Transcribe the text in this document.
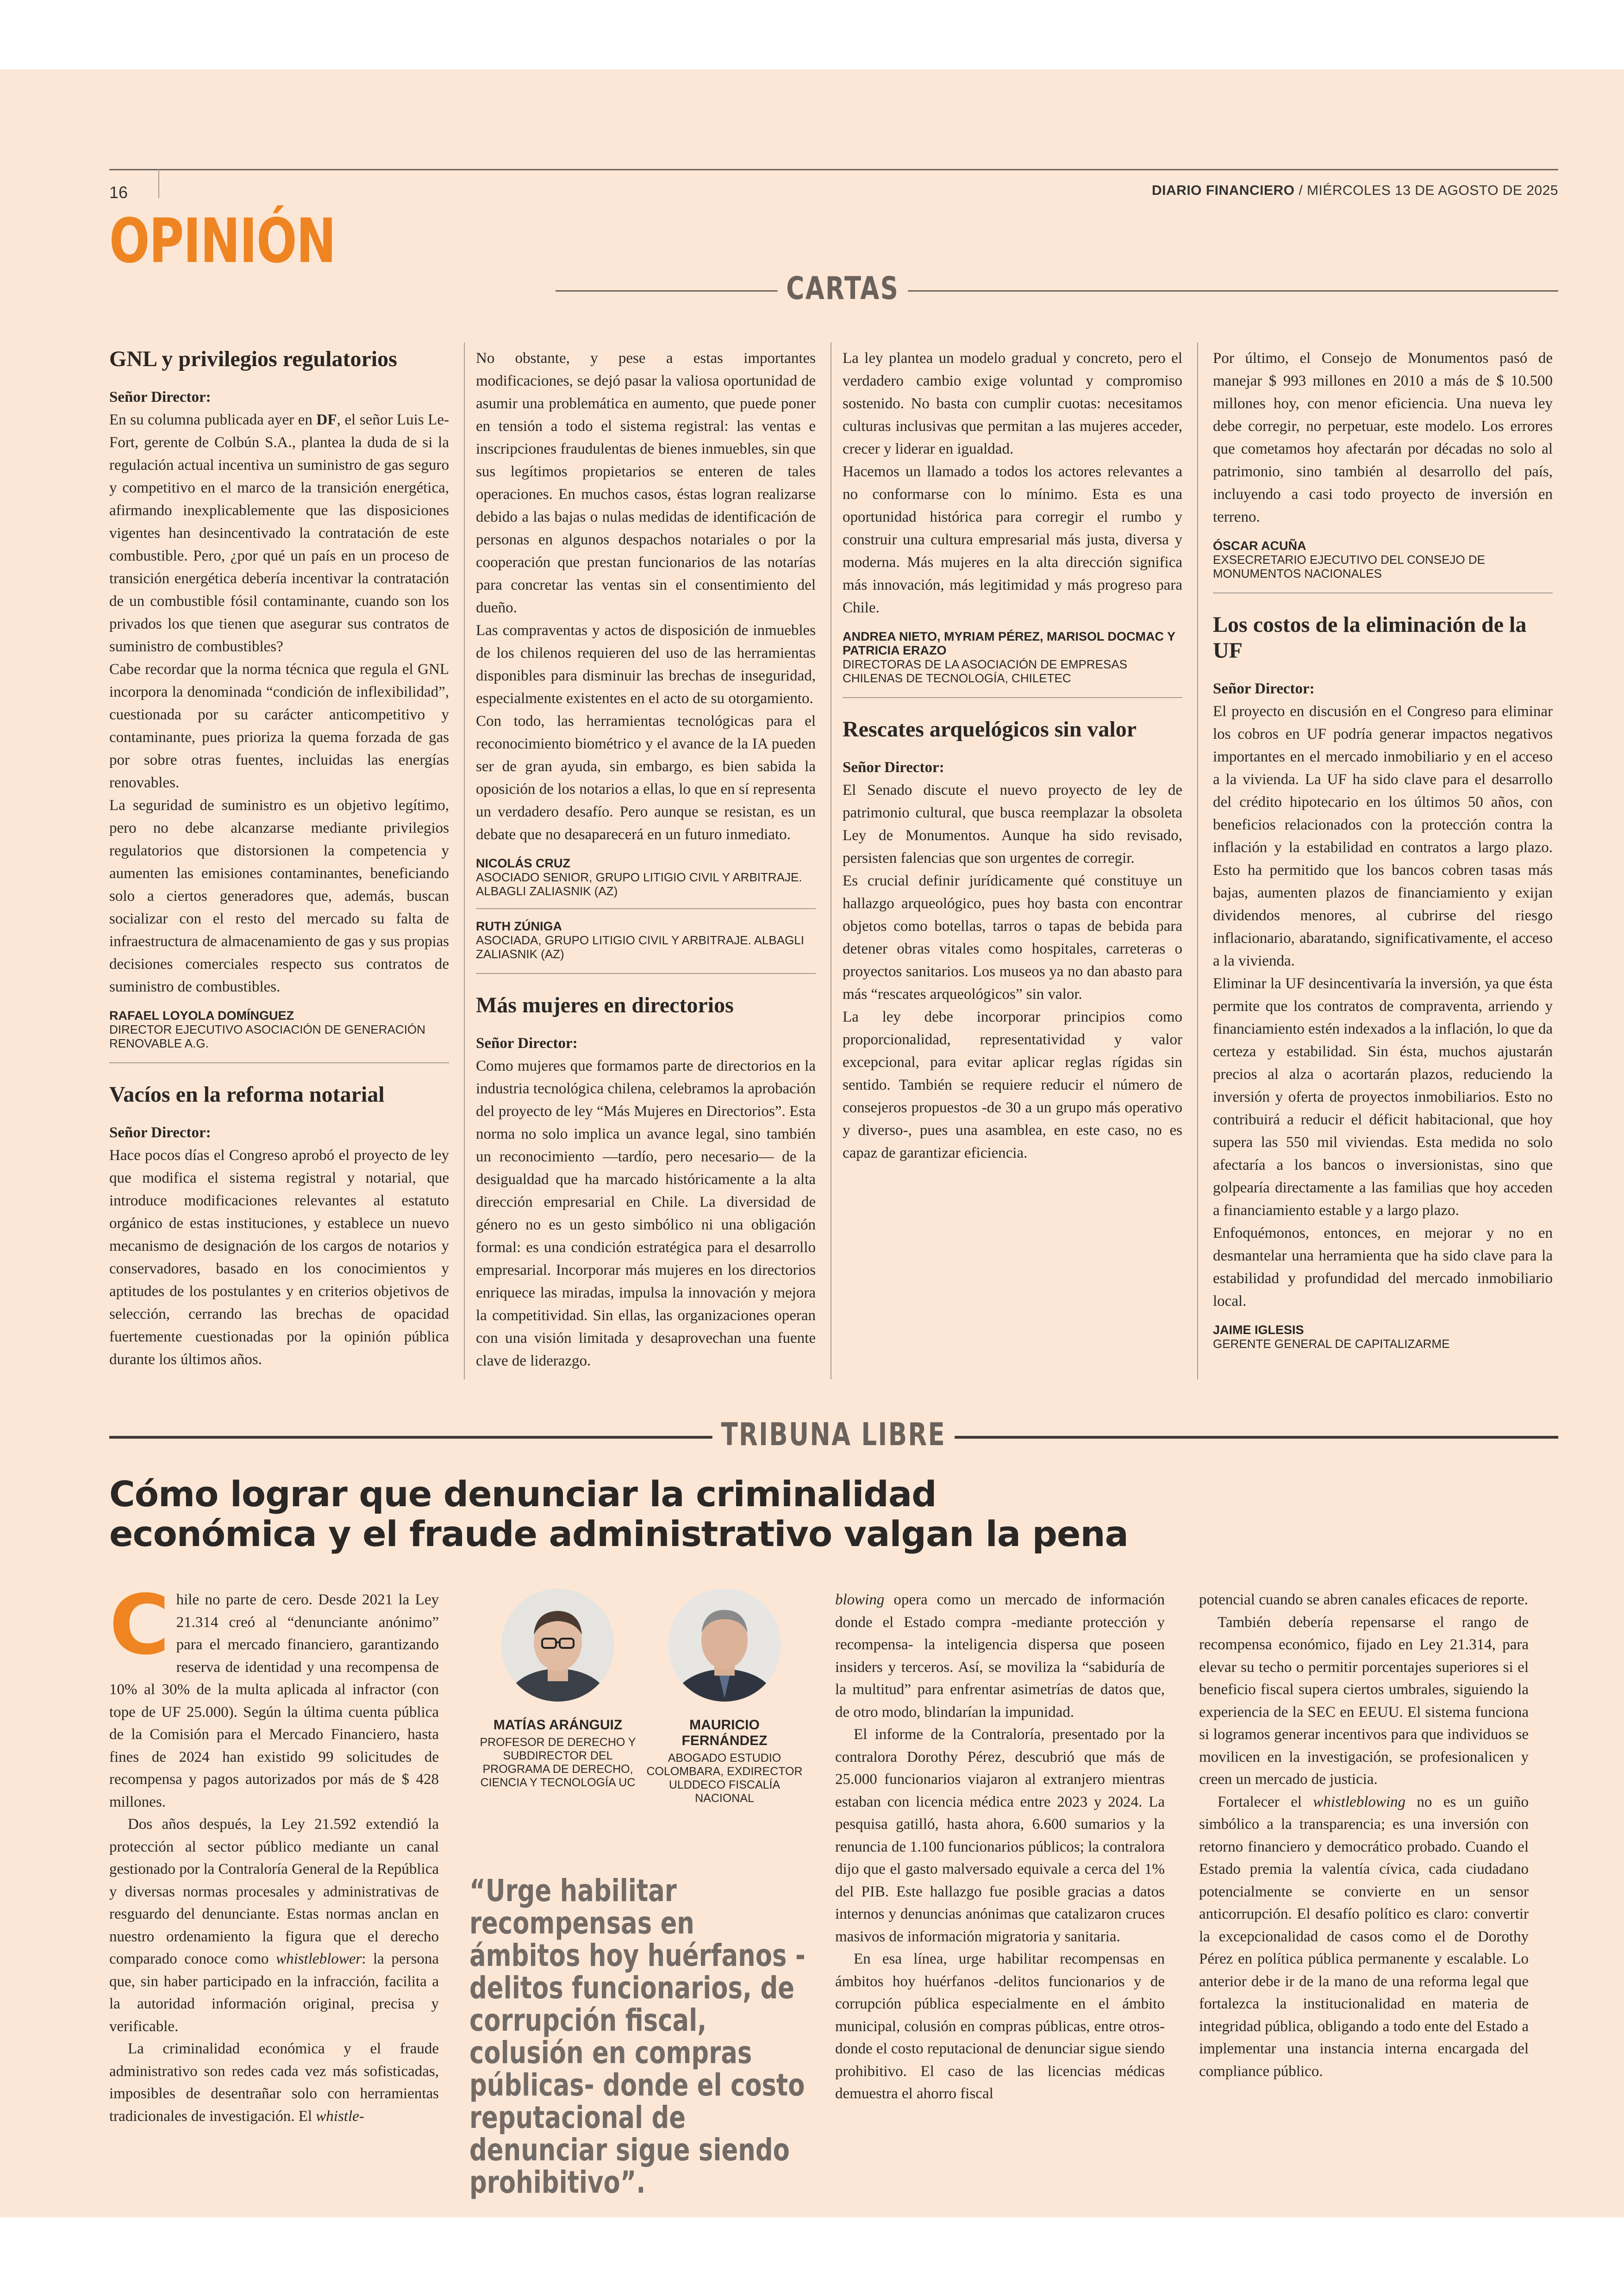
16	DIARIO FINANCIERO / MIÉRCOLES 13 DE AGOSTO DE 2025
OPINIÓN
CARTAS
GNL y privilegios regulatorios

Señor Director:

En su columna publicada ayer en DF, el señor Luis Le-Fort, gerente de Colbún S.A., plantea la duda de si la regulación actual incentiva un suministro de gas seguro y competitivo en el marco de la transición energética, afirmando inexplicablemente que las disposiciones vigentes han desincentivado la contratación de este combustible. Pero, ¿por qué un país en un proceso de transición energética debería incentivar la contratación de un combustible fósil contaminante, cuando son los privados los que tienen que asegurar sus contratos de suministro de combustibles?

Cabe recordar que la norma técnica que regula el GNL incorpora la denominada “condición de inflexibilidad”, cuestionada por su carácter anticompetitivo y contaminante, pues prioriza la quema forzada de gas por sobre otras fuentes, incluidas las energías renovables.

La seguridad de suministro es un objetivo legítimo, pero no debe alcanzarse mediante privilegios regulatorios que distorsionen la competencia y aumenten las emisiones contaminantes, beneficiando solo a ciertos generadores que, además, buscan socializar con el resto del mercado su falta de infraestructura de almacenamiento de gas y sus propias decisiones comerciales respecto sus contratos de suministro de combustibles.

RAFAEL LOYOLA DOMÍNGUEZ
DIRECTOR EJECUTIVO ASOCIACIÓN DE GENERACIÓN RENOVABLE A.G.
Vacíos en la reforma notarial

Señor Director:

Hace pocos días el Congreso aprobó el proyecto de ley que modifica el sistema registral y notarial, que introduce modificaciones relevantes al estatuto orgánico de estas instituciones, y establece un nuevo mecanismo de designación de los cargos de notarios y conservadores, basado en los conocimientos y aptitudes de los postulantes y en criterios objetivos de selección, cerrando las brechas de opacidad fuertemente cuestionadas por la opinión pública durante los últimos años.

No obstante, y pese a estas importantes modificaciones, se dejó pasar la valiosa oportunidad de asumir una problemática en aumento, que puede poner en tensión a todo el sistema registral: las ventas e inscripciones fraudulentas de bienes inmuebles, sin que sus legítimos propietarios se enteren de tales operaciones. En muchos casos, éstas logran realizarse debido a las bajas o nulas medidas de identificación de personas en algunos despachos notariales o por la cooperación que prestan funcionarios de las notarías para concretar las ventas sin el consentimiento del dueño.

Las compraventas y actos de disposición de inmuebles de los chilenos requieren del uso de las herramientas disponibles para disminuir las brechas de inseguridad, especialmente existentes en el acto de su otorgamiento.

Con todo, las herramientas tecnológicas para el reconocimiento biométrico y el avance de la IA pueden ser de gran ayuda, sin embargo, es bien sabida la oposición de los notarios a ellas, lo que en sí representa un verdadero desafío. Pero aunque se resistan, es un debate que no desaparecerá en un futuro inmediato.

NICOLÁS CRUZ
ASOCIADO SENIOR, GRUPO LITIGIO CIVIL Y ARBITRAJE. ALBAGLI ZALIASNIK (AZ)
RUTH ZÚNIGA
ASOCIADA, GRUPO LITIGIO CIVIL Y ARBITRAJE. ALBAGLI ZALIASNIK (AZ)
Más mujeres en directorios

Señor Director:

Como mujeres que formamos parte de directorios en la industria tecnológica chilena, celebramos la aprobación del proyecto de ley “Más Mujeres en Directorios”. Esta norma no solo implica un avance legal, sino también un reconocimiento —tardío, pero necesario— de la desigualdad que ha marcado históricamente a la alta dirección empresarial en Chile. La diversidad de género no es un gesto simbólico ni una obligación formal: es una condición estratégica para el desarrollo empresarial. Incorporar más mujeres en los directorios enriquece las miradas, impulsa la innovación y mejora la competitividad. Sin ellas, las organizaciones operan con una visión limitada y desaprovechan una fuente clave de liderazgo.

La ley plantea un modelo gradual y concreto, pero el verdadero cambio exige voluntad y compromiso sostenido. No basta con cumplir cuotas: necesitamos culturas inclusivas que permitan a las mujeres acceder, crecer y liderar en igualdad.

Hacemos un llamado a todos los actores relevantes a no conformarse con lo mínimo. Esta es una oportunidad histórica para corregir el rumbo y construir una cultura empresarial más justa, diversa y moderna. Más mujeres en la alta dirección significa más innovación, más legitimidad y más progreso para Chile.

ANDREA NIETO, MYRIAM PÉREZ, MARISOL DOCMAC Y PATRICIA ERAZO
DIRECTORAS DE LA ASOCIACIÓN DE EMPRESAS CHILENAS DE TECNOLOGÍA, CHILETEC
Rescates arquelógicos sin valor

Señor Director:

El Senado discute el nuevo proyecto de ley de patrimonio cultural, que busca reemplazar la obsoleta Ley de Monumentos. Aunque ha sido revisado, persisten falencias que son urgentes de corregir.

Es crucial definir jurídicamente qué constituye un hallazgo arqueológico, pues hoy basta con encontrar objetos como botellas, tarros o tapas de bebida para detener obras vitales como hospitales, carreteras o proyectos sanitarios. Los museos ya no dan abasto para más “rescates arqueológicos” sin valor.

La ley debe incorporar principios como proporcionalidad, representatividad y valor excepcional, para evitar aplicar reglas rígidas sin sentido. También se requiere reducir el número de consejeros propuestos -de 30 a un grupo más operativo y diverso-, pues una asamblea, en este caso, no es capaz de garantizar eficiencia.

Por último, el Consejo de Monumentos pasó de manejar $ 993 millones en 2010 a más de $ 10.500 millones hoy, con menor eficiencia. Una nueva ley debe corregir, no perpetuar, este modelo. Los errores que cometamos hoy afectarán por décadas no solo al patrimonio, sino también al desarrollo del país, incluyendo a casi todo proyecto de inversión en terreno.

ÓSCAR ACUÑA
EXSECRETARIO EJECUTIVO DEL CONSEJO DE MONUMENTOS NACIONALES
Los costos de la eliminación de la UF

Señor Director:

El proyecto en discusión en el Congreso para eliminar los cobros en UF podría generar impactos negativos importantes en el mercado inmobiliario y en el acceso a la vivienda. La UF ha sido clave para el desarrollo del crédito hipotecario en los últimos 50 años, con beneficios relacionados con la protección contra la inflación y la estabilidad en contratos a largo plazo. Esto ha permitido que los bancos cobren tasas más bajas, aumenten plazos de financiamiento y exijan dividendos menores, al cubrirse del riesgo inflacionario, abaratando, significativamente, el acceso a la vivienda.

Eliminar la UF desincentivaría la inversión, ya que ésta permite que los contratos de compraventa, arriendo y financiamiento estén indexados a la inflación, lo que da certeza y estabilidad. Sin ésta, muchos ajustarán precios al alza o acortarán plazos, reduciendo la inversión y oferta de proyectos inmobiliarios. Esto no contribuirá a reducir el déficit habitacional, que hoy supera las 550 mil viviendas. Esta medida no solo afectaría a los bancos o inversionistas, sino que golpearía directamente a las familias que hoy acceden a financiamiento estable y a largo plazo.

Enfoquémonos, entonces, en mejorar y no en desmantelar una herramienta que ha sido clave para la estabilidad y profundidad del mercado inmobiliario local.

JAIME IGLESIS
GERENTE GENERAL DE CAPITALIZARME
TRIBUNA LIBRE
Cómo lograr que denunciar la criminalidad
económica y el fraude administrativo valgan la pena

Chile no parte de cero. Desde 2021 la Ley 21.314 creó al “denunciante anónimo” para el mercado financiero, garantizando reserva de identidad y una recompensa de 10% al 30% de la multa aplicada al infractor (con tope de UF 25.000). Según la última cuenta pública de la Comisión para el Mercado Financiero, hasta fines de 2024 han existido 99 solicitudes de recompensa y pagos autorizados por más de $ 428 millones.

Dos años después, la Ley 21.592 extendió la protección al sector público mediante un canal gestionado por la Contraloría General de la República y diversas normas procesales y administrativas de resguardo del denunciante. Estas normas anclan en nuestro ordenamiento la figura que el derecho comparado conoce como whistleblower: la persona que, sin haber participado en la infracción, facilita a la autoridad información original, precisa y verificable.

La criminalidad económica y el fraude administrativo son redes cada vez más sofisticadas, imposibles de desentrañar solo con herramientas tradicionales de investigación. El whistle-

MATÍAS ARÁNGUIZ
PROFESOR DE DERECHO Y SUBDIRECTOR DEL PROGRAMA DE DERECHO, CIENCIA Y TECNOLOGÍA UC
MAURICIO FERNÁNDEZ
ABOGADO ESTUDIO COLOMBARA, EXDIRECTOR ULDDECO FISCALÍA NACIONAL
“Urge habilitar recompensas en ámbitos hoy huérfanos -delitos funcionarios, de corrupción fiscal, colusión en compras públicas- donde el costo reputacional de denunciar sigue siendo prohibitivo”.

blowing opera como un mercado de información donde el Estado compra -mediante protección y recompensa- la inteligencia dispersa que poseen insiders y terceros. Así, se moviliza la “sabiduría de la multitud” para enfrentar asimetrías de datos que, de otro modo, blindarían la impunidad.

El informe de la Contraloría, presentado por la contralora Dorothy Pérez, descubrió que más de 25.000 funcionarios viajaron al extranjero mientras estaban con licencia médica entre 2023 y 2024. La pesquisa gatilló, hasta ahora, 6.600 sumarios y la renuncia de 1.100 funcionarios públicos; la contralora dijo que el gasto malversado equivale a cerca del 1% del PIB. Este hallazgo fue posible gracias a datos internos y denuncias anónimas que catalizaron cruces masivos de información migratoria y sanitaria.

En esa línea, urge habilitar recompensas en ámbitos hoy huérfanos -delitos funcionarios y de corrupción pública especialmente en el ámbito municipal, colusión en compras públicas, entre otros- donde el costo reputacional de denunciar sigue siendo prohibitivo. El caso de las licencias médicas demuestra el ahorro fiscal

potencial cuando se abren canales eficaces de reporte.

También debería repensarse el rango de recompensa económico, fijado en Ley 21.314, para elevar su techo o permitir porcentajes superiores si el beneficio fiscal supera ciertos umbrales, siguiendo la experiencia de la SEC en EEUU. El sistema funciona si logramos generar incentivos para que individuos se movilicen en la investigación, se profesionalicen y creen un mercado de justicia.

Fortalecer el whistleblowing no es un guiño simbólico a la transparencia; es una inversión con retorno financiero y democrático probado. Cuando el Estado premia la valentía cívica, cada ciudadano potencialmente se convierte en un sensor anticorrupción. El desafío político es claro: convertir la excepcionalidad de casos como el de Dorothy Pérez en política pública permanente y escalable. Lo anterior debe ir de la mano de una reforma legal que fortalezca la institucionalidad en materia de integridad pública, obligando a todo ente del Estado a implementar una instancia interna encargada del compliance público.
